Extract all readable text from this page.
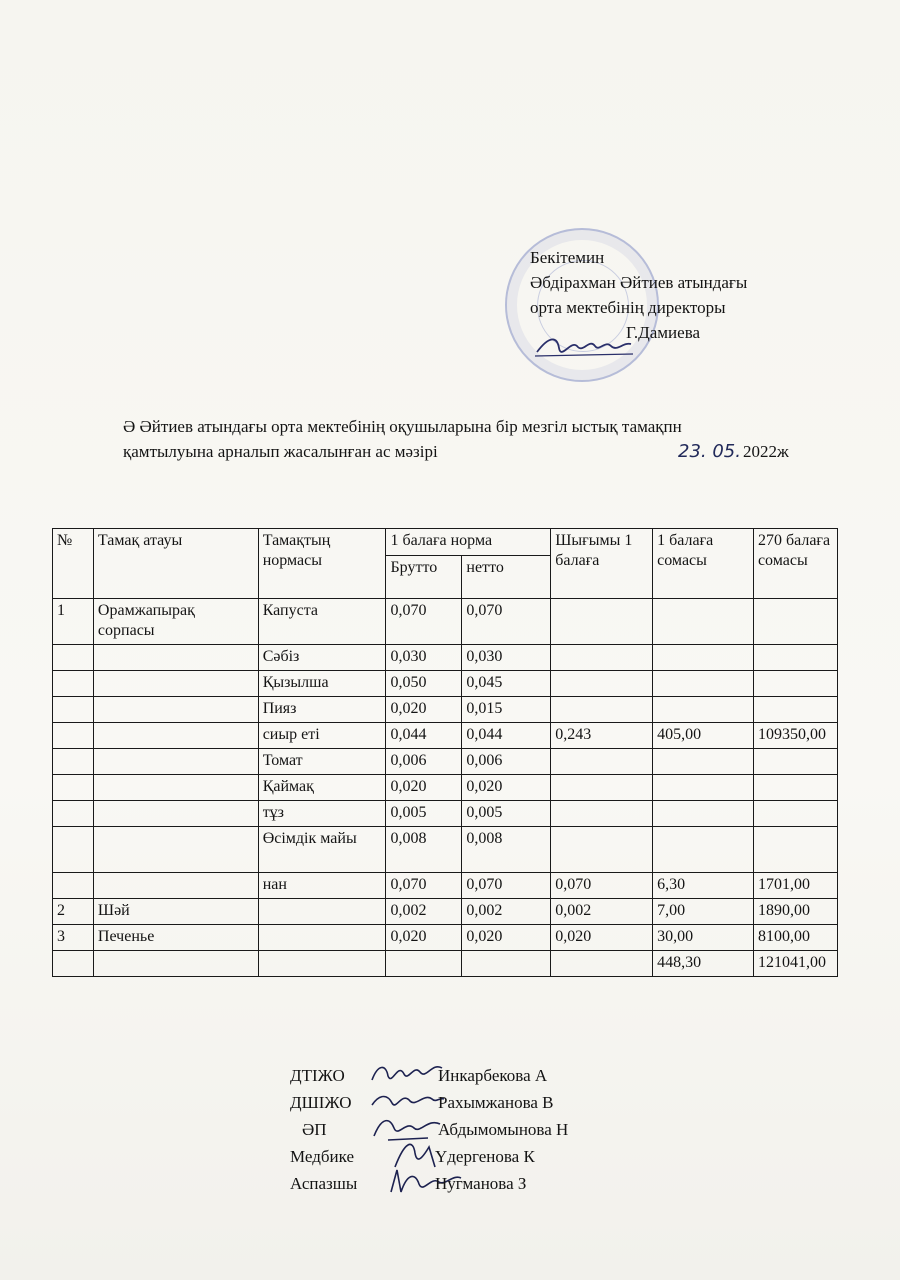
Бекітемин
Әбдірахман Әйтиев атындағы
орта мектебінің директоры
Г.Дамиева
Ә Әйтиев атындағы орта мектебінің оқушыларына бір мезгіл ыстық тамақпн
қамтылуына арналып жасалынған ас мәзірі	23. 05. 2022ж
№	Тамақ атауы	Тамақтың нормасы	1 балаға норма		Шығымы 1 балаға	1 балаға сомасы	270 балаға сомасы
			Брутто	нетто			
1	Орамжапырақ сорпасы	Капуста	0,070	0,070			
		Сәбіз	0,030	0,030			
		Қызылша	0,050	0,045			
		Пияз	0,020	0,015			
		сиыр еті	0,044	0,044	0,243	405,00	109350,00
		Томат	0,006	0,006			
		Қаймақ	0,020	0,020			
		тұз	0,005	0,005			
		Өсімдік майы	0,008	0,008			
		нан	0,070	0,070	0,070	6,30	1701,00
2	Шәй		0,002	0,002	0,002	7,00	1890,00
3	Печенье		0,020	0,020	0,020	30,00	8100,00
						448,30	121041,00
ДТІЖО	Инкарбекова А
ДШІЖО	Рахымжанова В
ӘП	Абдымомынова Н
Медбике	Үдергенова К
Аспазшы	Нугманова З
